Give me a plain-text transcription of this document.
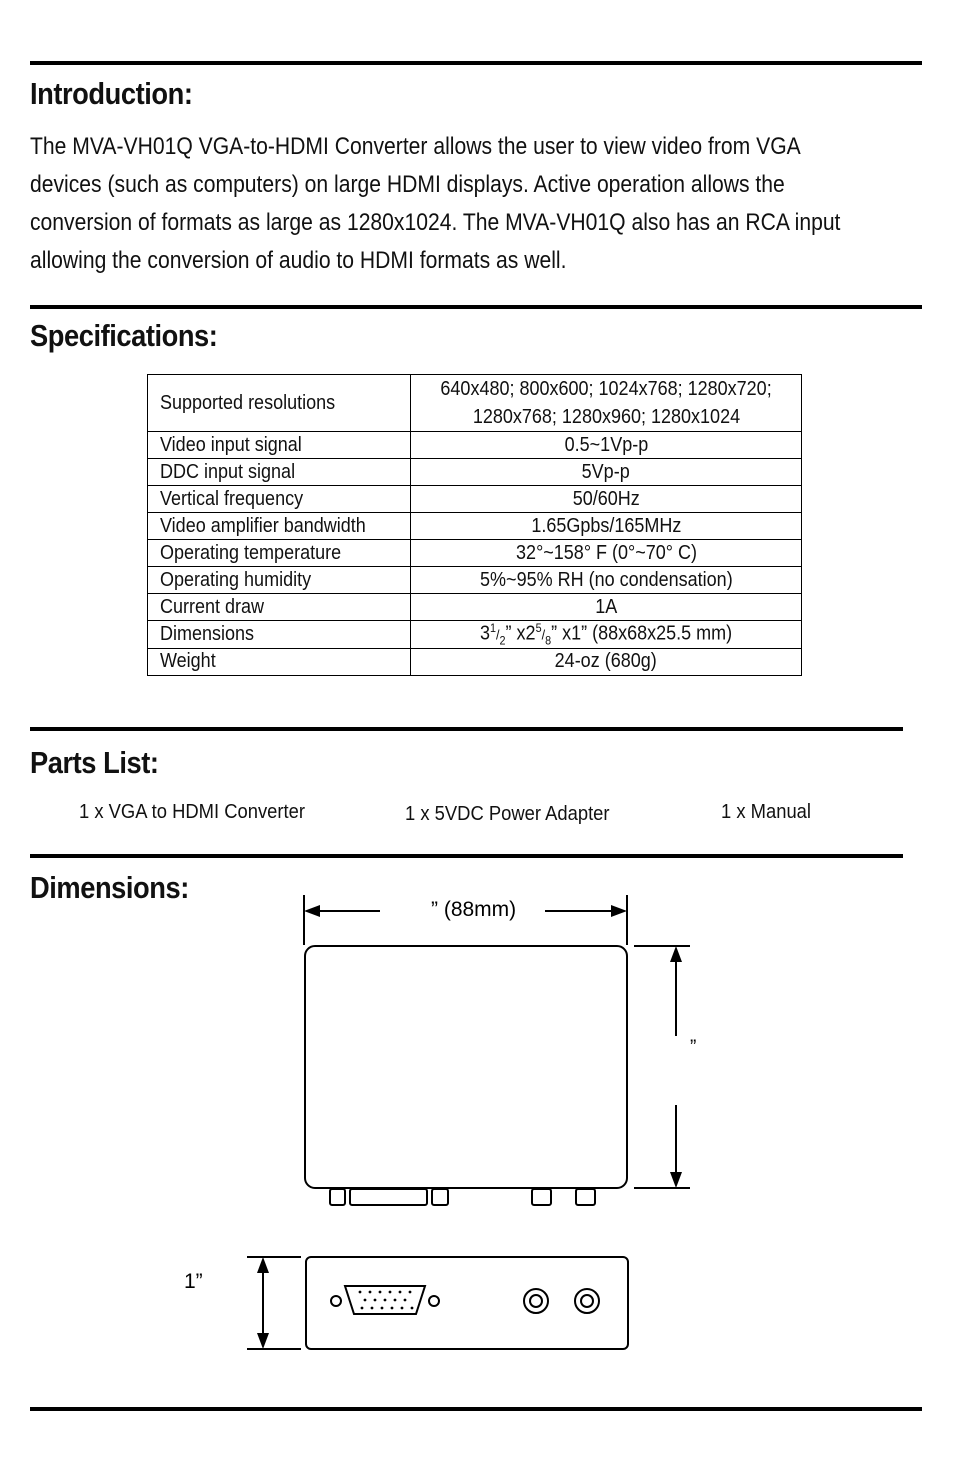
Introduction:

The MVA-VH01Q VGA-to-HDMI Converter allows the user to view video from VGA devices (such as computers) on large HDMI displays. Active operation allows the conversion of formats as large as 1280x1024. The MVA-VH01Q also has an RCA input allowing the conversion of audio to HDMI formats as well.

Specifications:
Supported resolutions	640x480; 800x600; 1024x768; 1280x720;
1280x768; 1280x960; 1280x1024
Video input signal	0.5~1Vp-p
DDC input signal	5Vp-p
Vertical frequency	50/60Hz
Video amplifier bandwidth	1.65Gpbs/165MHz
Operating temperature	32°~158° F (0°~70° C)
Operating humidity	5%~95% RH (no condensation)
Current draw	1A
Dimensions	$3^1/_2$” $x2^5/_8$” x1” (88x68x25.5 mm)
Weight	24-oz (680g)
Parts List:
1 x VGA to HDMI Converter	1 x 5VDC Power Adapter	1 x Manual
Dimensions:
” (88mm)
”
1”
